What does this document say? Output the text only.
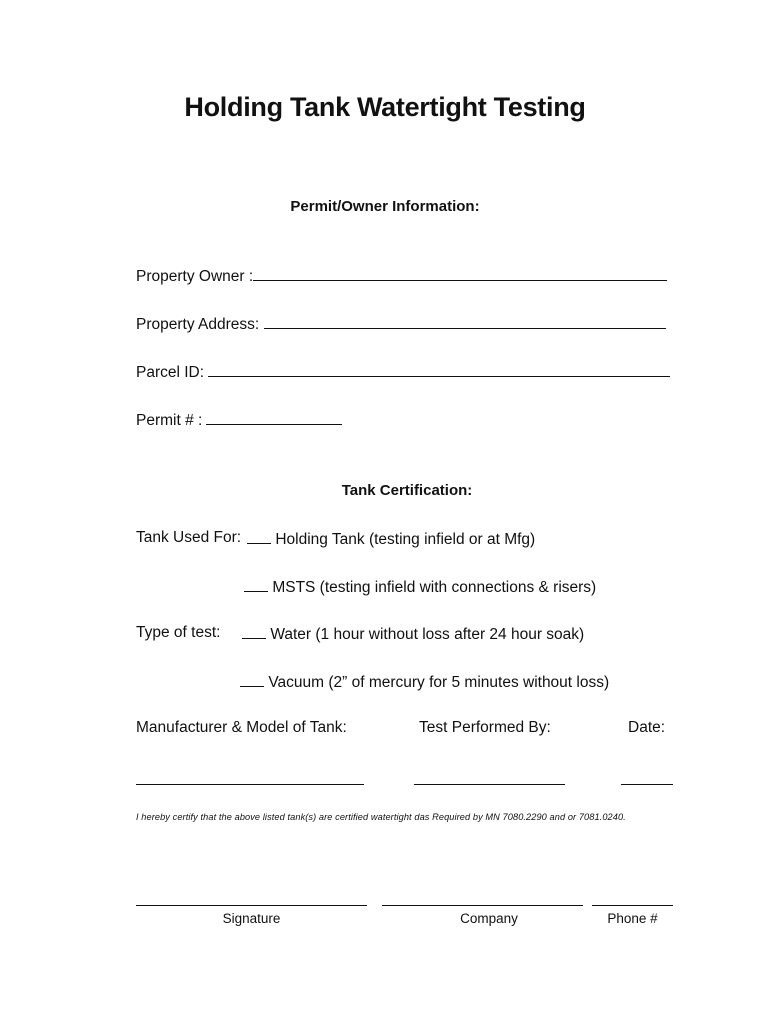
Holding Tank Watertight Testing
Permit/Owner Information:
Property Owner :
Property Address:
Parcel ID:
Permit # :
Tank Certification:
Tank Used For:	Holding Tank (testing infield or at Mfg)
MSTS (testing infield with connections & risers)
Type of test:	Water (1 hour without loss after 24 hour soak)
Vacuum (2” of mercury for 5 minutes without loss)
Manufacturer & Model of Tank:	Test Performed By:	Date:
I hereby certify that the above listed tank(s) are certified watertight das Required by MN 7080.2290 and or 7081.0240.
Signature	Company	Phone #
